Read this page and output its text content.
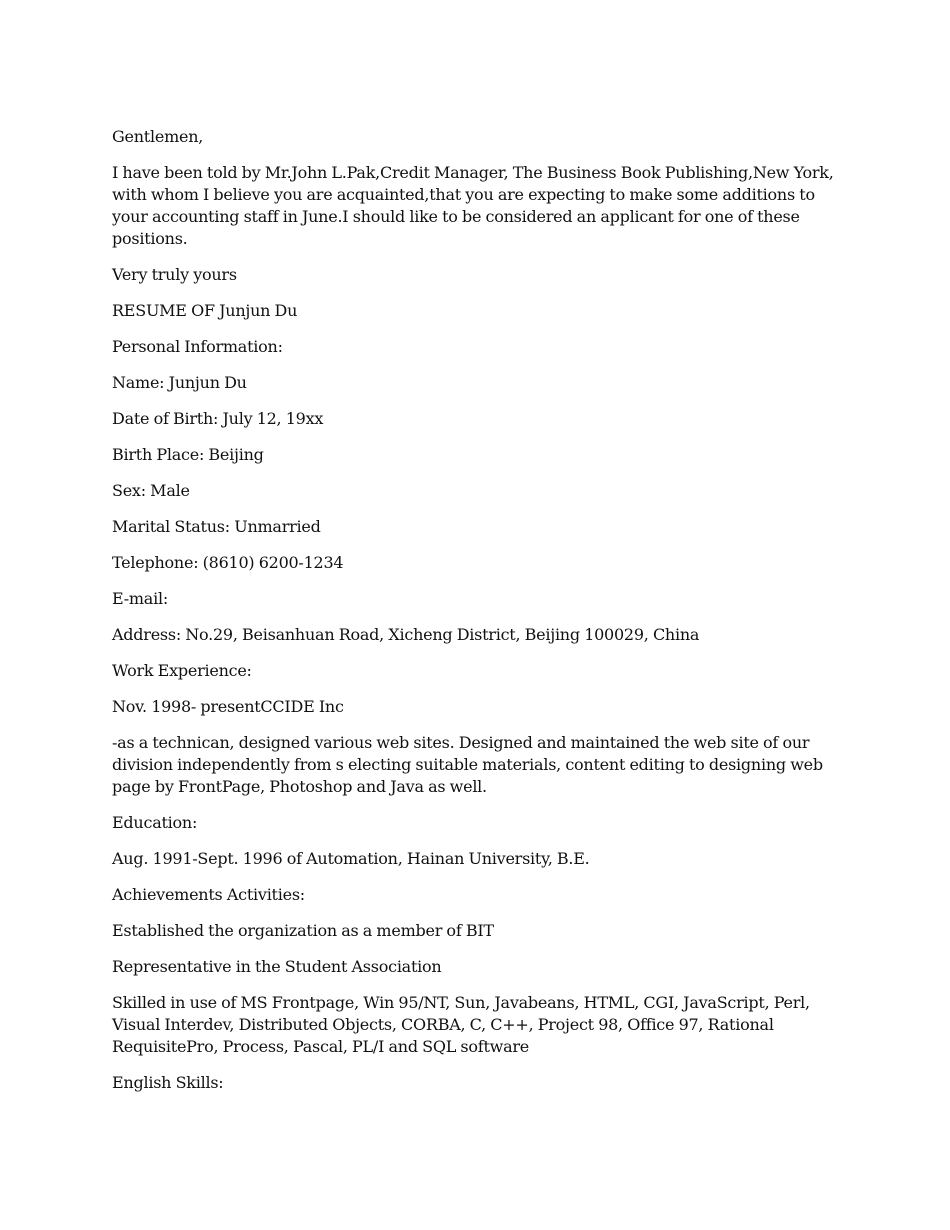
Gentlemen,

I have been told by Mr.John L.Pak,Credit Manager, The Business Book Publishing,New York, with whom I believe you are acquainted,that you are expecting to make some additions to your accounting staff in June.I should like to be considered an applicant for one of these positions.

Very truly yours

RESUME OF Junjun Du

Personal Information:

Name: Junjun Du

Date of Birth: July 12, 19xx

Birth Place: Beijing

Sex: Male

Marital Status: Unmarried

Telephone: (8610) 6200-1234

E-mail:

Address: No.29, Beisanhuan Road, Xicheng District, Beijing 100029, China

Work Experience:

Nov. 1998- presentCCIDE Inc

-as a technican, designed various web sites. Designed and maintained the web site of our division independently from s electing suitable materials, content editing to designing web page by FrontPage, Photoshop and Java as well.

Education:

Aug. 1991-Sept. 1996 of Automation, Hainan University, B.E.

Achievements Activities:

Established the organization as a member of BIT

Representative in the Student Association

Skilled in use of MS Frontpage, Win 95/NT, Sun, Javabeans, HTML, CGI, JavaScript, Perl, Visual Interdev, Distributed Objects, CORBA, C, C++, Project 98, Office 97, Rational RequisitePro, Process, Pascal, PL/I and SQL software

English Skills:
